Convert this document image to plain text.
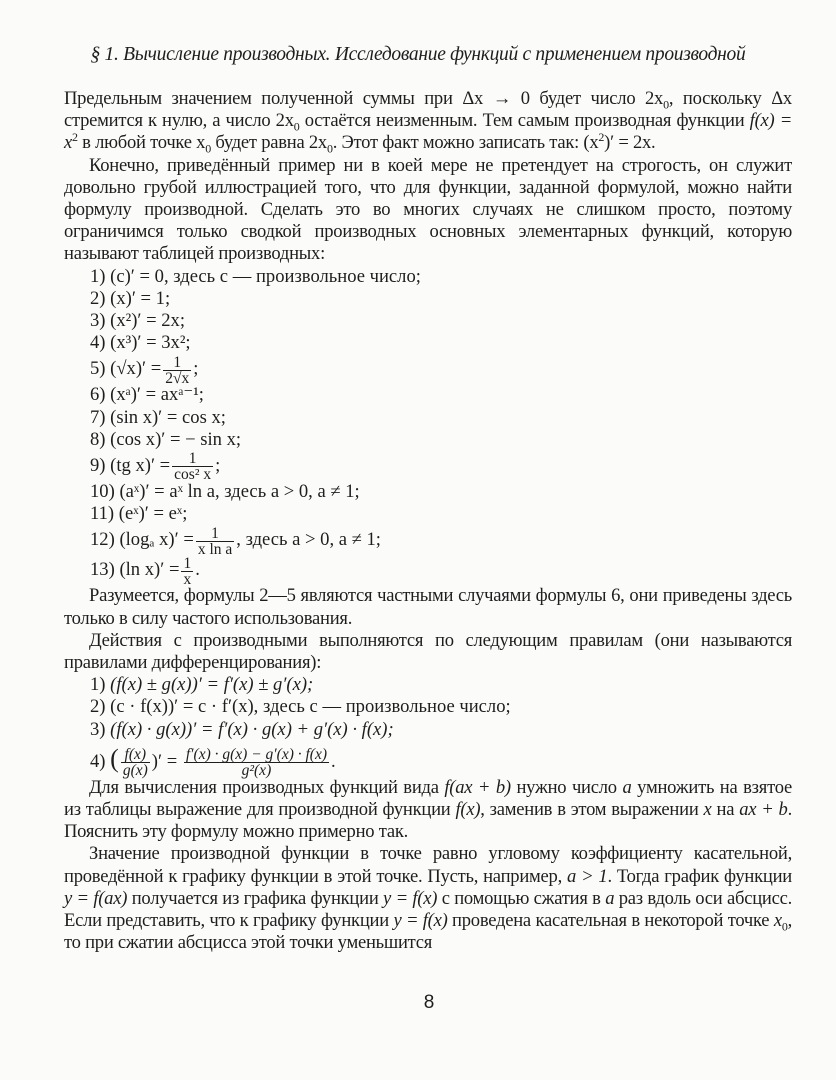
§ 1. Вычисление производных. Исследование функций с применением производной

Предельным значением полученной суммы при Δx → 0 будет число $2x_0$, поскольку Δx стремится к нулю, а число $2x_0$ остаётся неизменным. Тем самым производная функции $f(x) = x^2$ в любой точке $x_0$ будет равна $2x_0$. Этот факт можно записать так: $(x^2)' = 2x$.

Конечно, приведённый пример ни в коей мере не претендует на строгость, он служит довольно грубой иллюстрацией того, что для функции, заданной формулой, можно найти формулу производной. Сделать это во многих случаях не слишком просто, поэтому ограничимся только сводкой производных основных элементарных функций, которую называют таблицей производных:

1) (c)′ = 0, здесь c — произвольное число;

2) (x)′ = 1;

3) (x²)′ = 2x;

4) (x³)′ = 3x²;

5) $(√x)' = \frac{1}{2√x}$ ;

6) (xᵃ)′ = axᵃ⁻¹;

7) (sin x)′ = cos x;

8) (cos x)′ = − sin x;

9) (tg $x)' = \frac{1}{\text{cos² x}}$ ;

10) (aˣ)′ = aˣ ln a, здесь a > 0, a ≠ 1;

11) (eˣ)′ = eˣ;

12) (logₐ $x)' = \frac{1}{\text{x ln a}}$ , здесь a > 0, a ≠ 1;

13) (ln $x)' = \frac{1}{x}$ .

Разумеется, формулы 2—5 являются частными случаями формулы 6, они приведены здесь только в силу частого использования.

Действия с производными выполняются по следующим правилам (они называются правилами дифференцирования):

1) (f(x) ± g(x))′ = f′(x) ± g′(x);

2) (c · f(x))′ = c · f′(x), здесь c — произвольное число;

3) (f(x) · g(x))′ = f′(x) · g(x) + g′(x) · f(x);

4) ( $\frac{f(x)}{g(x)}$ )′ = $\frac{f'(x) \cdot g(x) - g'(x) \cdot f(x)}{\text{g²(x)}}$ .

Для вычисления производных функций вида f(ax + b) нужно число a умножить на взятое из таблицы выражение для производной функции f(x), заменив в этом выражении x на ax + b. Пояснить эту формулу можно примерно так.

Значение производной функции в точке равно угловому коэффициенту касательной, проведённой к графику функции в этой точке. Пусть, например, a > 1. Тогда график функции y = f(ax) получается из графика функции y = f(x) с помощью сжатия в a раз вдоль оси абсцисс. Если представить, что к графику функции y = f(x) проведена касательная в некоторой точке $x_0$, то при сжатии абсцисса этой точки уменьшится

8
